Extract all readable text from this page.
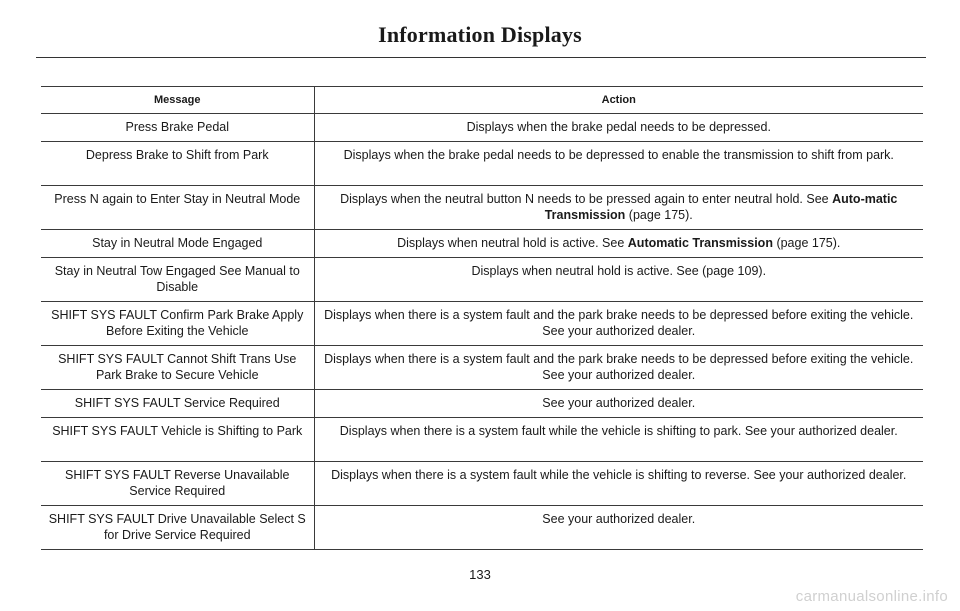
Information Displays
Message	Action
Press Brake Pedal	Displays when the brake pedal needs to be depressed.
Depress Brake to Shift from Park	Displays when the brake pedal needs to be depressed to enable the transmission to shift from park.
Press N again to Enter Stay in Neutral Mode	Displays when the neutral button N needs to be pressed again to enter neutral hold. See Auto-matic Transmission (page 175).
Stay in Neutral Mode Engaged	Displays when neutral hold is active. See Automatic Transmission (page 175).
Stay in Neutral Tow Engaged See Manual to Disable	Displays when neutral hold is active. See (page 109).
SHIFT SYS FAULT Confirm Park Brake Apply Before Exiting the Vehicle	Displays when there is a system fault and the park brake needs to be depressed before exiting the vehicle. See your authorized dealer.
SHIFT SYS FAULT Cannot Shift Trans Use Park Brake to Secure Vehicle	Displays when there is a system fault and the park brake needs to be depressed before exiting the vehicle. See your authorized dealer.
SHIFT SYS FAULT Service Required	See your authorized dealer.
SHIFT SYS FAULT Vehicle is Shifting to Park	Displays when there is a system fault while the vehicle is shifting to park. See your authorized dealer.
SHIFT SYS FAULT Reverse Unavailable Service Required	Displays when there is a system fault while the vehicle is shifting to reverse. See your authorized dealer.
SHIFT SYS FAULT Drive Unavailable Select S for Drive Service Required	See your authorized dealer.
133
carmanualsonline.info
